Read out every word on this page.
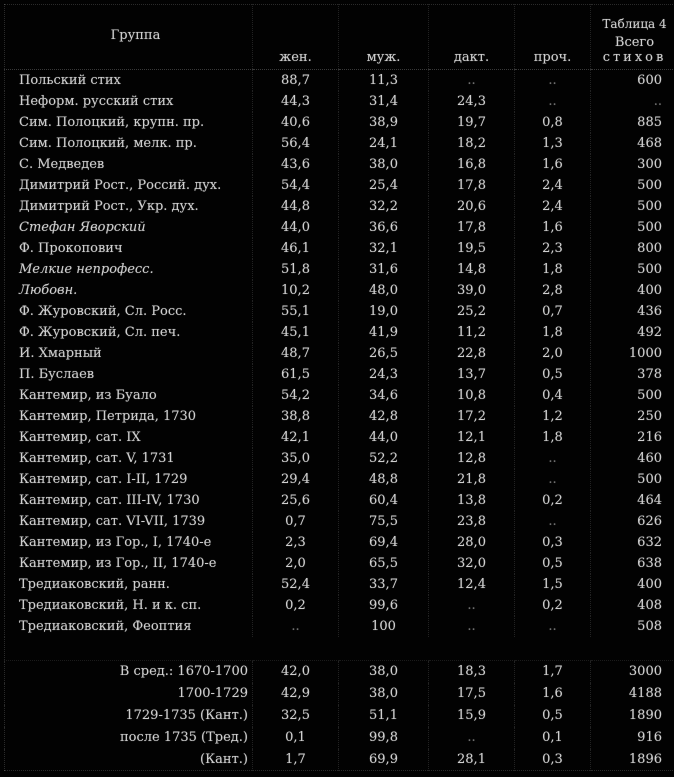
Группа	жен.	муж.	дакт.	проч.	Таблица 4
Всего
стихов

Польский стих	88,7	11,3	..	..	600
Неформ. русский стих	44,3	31,4	24,3	..	..
Сим. Полоцкий, крупн. пр.	40,6	38,9	19,7	0,8	885
Сим. Полоцкий, мелк. пр.	56,4	24,1	18,2	1,3	468
С. Медведев	43,6	38,0	16,8	1,6	300
Димитрий Рост., Россий. дух.	54,4	25,4	17,8	2,4	500
Димитрий Рост., Укр. дух.	44,8	32,2	20,6	2,4	500
Стефан Яворский	44,0	36,6	17,8	1,6	500
Ф. Прокопович	46,1	32,1	19,5	2,3	800
Мелкие непрофесс.	51,8	31,6	14,8	1,8	500
Любовн.	10,2	48,0	39,0	2,8	400
Ф. Журовский, Сл. Росс.	55,1	19,0	25,2	0,7	436
Ф. Журовский, Сл. печ.	45,1	41,9	11,2	1,8	492
И. Хмарный	48,7	26,5	22,8	2,0	1000
П. Буслаев	61,5	24,3	13,7	0,5	378
Кантемир, из Буало	54,2	34,6	10,8	0,4	500
Кантемир, Петрида, 1730	38,8	42,8	17,2	1,2	250
Кантемир, сат. IX	42,1	44,0	12,1	1,8	216
Кантемир, сат. V, 1731	35,0	52,2	12,8	..	460
Кантемир, сат. I-II, 1729	29,4	48,8	21,8	..	500
Кантемир, сат. III-IV, 1730	25,6	60,4	13,8	0,2	464
Кантемир, сат. VI-VII, 1739	0,7	75,5	23,8	..	626
Кантемир, из Гор., I, 1740-е	2,3	69,4	28,0	0,3	632
Кантемир, из Гор., II, 1740-е	2,0	65,5	32,0	0,5	638
Тредиаковский, ранн.	52,4	33,7	12,4	1,5	400
Тредиаковский, Н. и к. сп.	0,2	99,6	..	0,2	408
Тредиаковский, Феоптия	..	100	..	..	508

В сред.: 1670-1700	42,0	38,0	18,3	1,7	3000
1700-1729	42,9	38,0	17,5	1,6	4188
1729-1735 (Кант.)	32,5	51,1	15,9	0,5	1890
после 1735 (Тред.)	0,1	99,8	..	0,1	916
(Кант.)	1,7	69,9	28,1	0,3	1896
